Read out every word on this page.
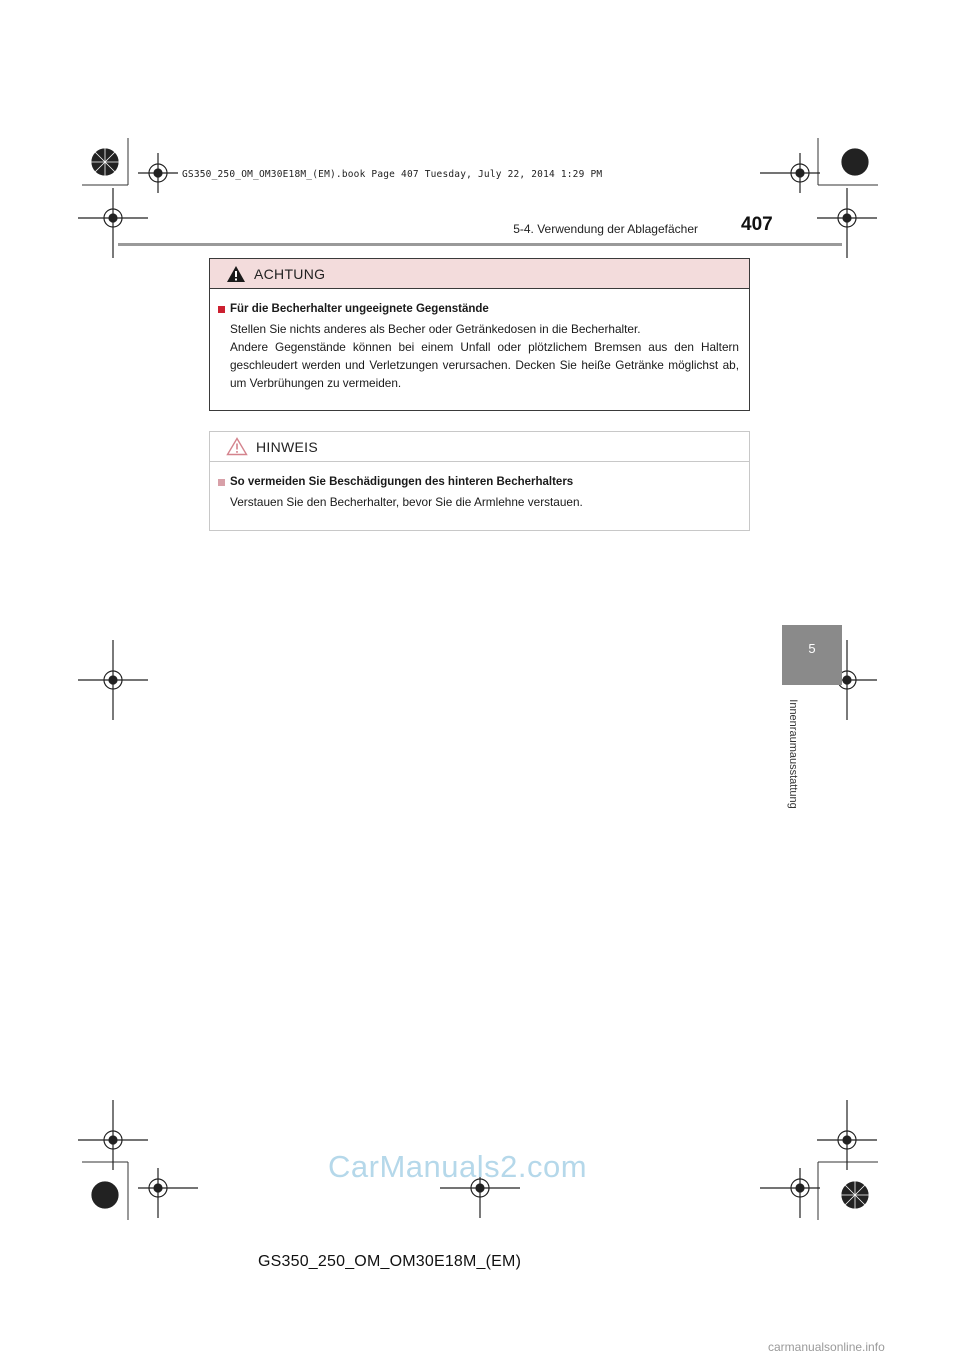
GS350_250_OM_OM30E18M_(EM).book Page 407 Tuesday, July 22, 2014 1:29 PM
5-4. Verwendung der Ablagefächer 407
5
Innenraumausstattung
ACHTUNG
Für die Becherhalter ungeeignete Gegenstände

Stellen Sie nichts anderes als Becher oder Getränkedosen in die Becherhalter.

Andere Gegenstände können bei einem Unfall oder plötzlichem Bremsen aus den Haltern geschleudert werden und Verletzungen verursachen. Decken Sie heiße Getränke möglichst ab, um Verbrühungen zu vermeiden.

HINWEIS
So vermeiden Sie Beschädigungen des hinteren Becherhalters

Verstauen Sie den Becherhalter, bevor Sie die Armlehne verstauen.

CarManuals2.com
GS350_250_OM_OM30E18M_(EM)
carmanualsonline.info
